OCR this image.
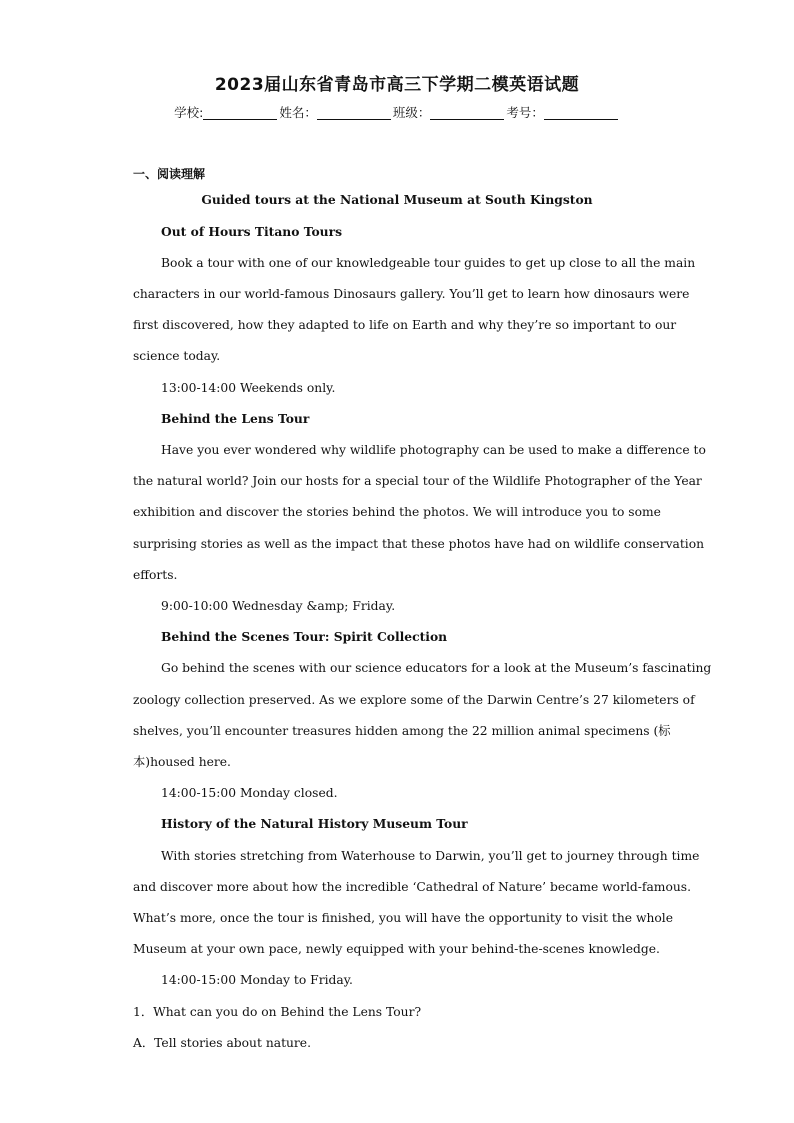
2023届山东省青岛市高三下学期二模英语试题
学校:	姓名：	班级：	考号：
一、阅读理解
Guided tours at the National Museum at South Kingston
Out of Hours Titano Tours
Book a tour with one of our knowledgeable tour guides to get up close to all the main
characters in our world-famous Dinosaurs gallery. You’ll get to learn how dinosaurs were
first discovered, how they adapted to life on Earth and why they’re so important to our
science today.
13:00-14:00 Weekends only.
Behind the Lens Tour
Have you ever wondered why wildlife photography can be used to make a difference to
the natural world? Join our hosts for a special tour of the Wildlife Photographer of the Year
exhibition and discover the stories behind the photos. We will introduce you to some
surprising stories as well as the impact that these photos have had on wildlife conservation
efforts.
9:00-10:00 Wednesday &amp; Friday.
Behind the Scenes Tour: Spirit Collection
Go behind the scenes with our science educators for a look at the Museum’s fascinating
zoology collection preserved. As we explore some of the Darwin Centre’s 27 kilometers of
shelves, you’ll encounter treasures hidden among the 22 million animal specimens (标
本)housed here.
14:00-15:00 Monday closed.
History of the Natural History Museum Tour
With stories stretching from Waterhouse to Darwin, you’ll get to journey through time
and discover more about how the incredible ‘Cathedral of Nature’ became world-famous.
What’s more, once the tour is finished, you will have the opportunity to visit the whole
Museum at your own pace, newly equipped with your behind-the-scenes knowledge.
14:00-15:00 Monday to Friday.
1．What can you do on Behind the Lens Tour?
A．Tell stories about nature.
